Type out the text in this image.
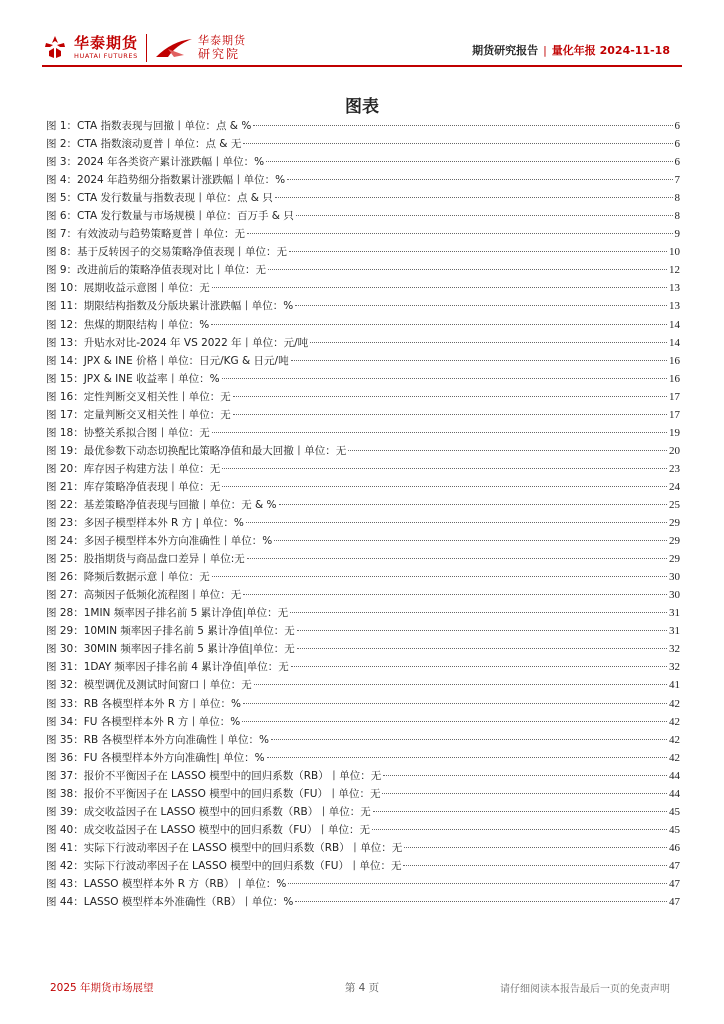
华泰期货
HUATAI FUTURES
华泰期货
研究院	期货研究报告 | 量化年报 2024-11-18
图表
图 1：CTA 指数表现与回撤丨单位：点 & %	6
图 2：CTA 指数滚动夏普丨单位：点 & 无	6
图 3：2024 年各类资产累计涨跌幅丨单位：%	6
图 4：2024 年趋势细分指数累计涨跌幅丨单位：%	7
图 5：CTA 发行数量与指数表现丨单位：点 & 只	8
图 6：CTA 发行数量与市场规模丨单位：百万手 & 只	8
图 7：有效波动与趋势策略夏普丨单位：无	9
图 8：基于反转因子的交易策略净值表现丨单位：无	10
图 9：改进前后的策略净值表现对比丨单位：无	12
图 10：展期收益示意图丨单位：无	13
图 11：期限结构指数及分版块累计涨跌幅丨单位：%	13
图 12：焦煤的期限结构丨单位：%	14
图 13：升贴水对比-2024 年 VS 2022 年丨单位：元/吨	14
图 14：JPX & INE 价格丨单位：日元/KG & 日元/吨	16
图 15：JPX & INE 收益率丨单位：%	16
图 16：定性判断交叉相关性丨单位：无	17
图 17：定量判断交叉相关性丨单位：无	17
图 18：协整关系拟合图丨单位：无	19
图 19：最优参数下动态切换配比策略净值和最大回撤丨单位：无	20
图 20：库存因子构建方法丨单位：无	23
图 21：库存策略净值表现丨单位：无	24
图 22：基差策略净值表现与回撤丨单位：无 & %	25
图 23：多因子模型样本外 R 方 | 单位：%	29
图 24：多因子模型样本外方向准确性丨单位：%	29
图 25：股指期货与商品盘口差异丨单位:无	29
图 26：降频后数据示意丨单位：无	30
图 27：高频因子低频化流程图丨单位：无	30
图 28：1MIN 频率因子排名前 5 累计净值|单位：无	31
图 29：10MIN 频率因子排名前 5 累计净值|单位：无	31
图 30：30MIN 频率因子排名前 5 累计净值|单位：无	32
图 31：1DAY 频率因子排名前 4 累计净值|单位：无	32
图 32：模型调优及测试时间窗口丨单位：无	41
图 33：RB 各模型样本外 R 方丨单位：%	42
图 34：FU 各模型样本外 R 方丨单位：%	42
图 35：RB 各模型样本外方向准确性丨单位：%	42
图 36：FU 各模型样本外方向准确性| 单位：%	42
图 37：报价不平衡因子在 LASSO 模型中的回归系数（RB）丨单位：无	44
图 38：报价不平衡因子在 LASSO 模型中的回归系数（FU）丨单位：无	44
图 39：成交收益因子在 LASSO 模型中的回归系数（RB）丨单位：无	45
图 40：成交收益因子在 LASSO 模型中的回归系数（FU）丨单位：无	45
图 41：实际下行波动率因子在 LASSO 模型中的回归系数（RB）丨单位：无	46
图 42：实际下行波动率因子在 LASSO 模型中的回归系数（FU）丨单位：无	47
图 43：LASSO 模型样本外 R 方（RB）丨单位：%	47
图 44：LASSO 模型样本外准确性（RB）丨单位：%	47
2025 年期货市场展望	第 4 页	请仔细阅读本报告最后一页的免责声明
